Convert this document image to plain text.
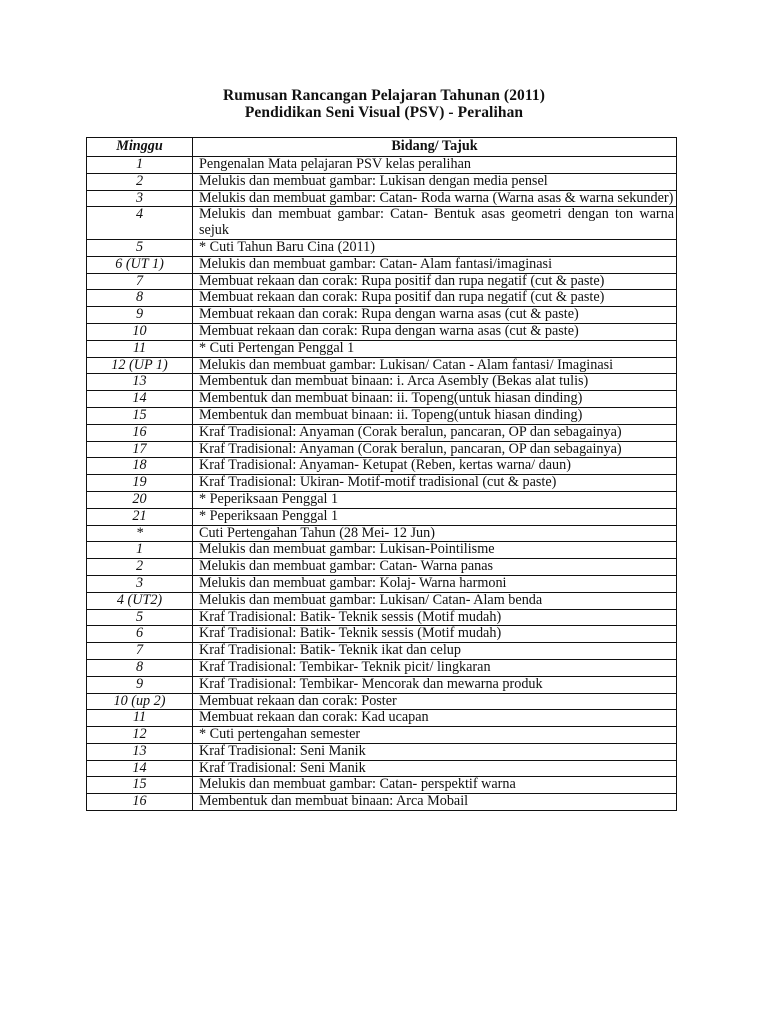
Rumusan Rancangan Pelajaran Tahunan (2011)
Pendidikan Seni Visual (PSV) - Peralihan
Minggu	Bidang/ Tajuk
1	Pengenalan Mata pelajaran PSV kelas peralihan
2	Melukis dan membuat gambar: Lukisan dengan media pensel
3	Melukis dan membuat gambar: Catan- Roda warna (Warna asas & warna sekunder)
4	Melukis dan membuat gambar: Catan- Bentuk asas geometri dengan ton warna sejuk
5	* Cuti Tahun Baru Cina (2011)
6 (UT 1)	Melukis dan membuat gambar: Catan- Alam fantasi/imaginasi
7	Membuat rekaan dan corak: Rupa positif dan rupa negatif (cut & paste)
8	Membuat rekaan dan corak: Rupa positif dan rupa negatif (cut & paste)
9	Membuat rekaan dan corak: Rupa dengan warna asas (cut & paste)
10	Membuat rekaan dan corak: Rupa dengan warna asas (cut & paste)
11	* Cuti Pertengan Penggal 1
12 (UP 1)	Melukis dan membuat gambar: Lukisan/ Catan - Alam fantasi/ Imaginasi
13	Membentuk dan membuat binaan: i. Arca Asembly (Bekas alat tulis)
14	Membentuk dan membuat binaan: ii. Topeng(untuk hiasan dinding)
15	Membentuk dan membuat binaan: ii. Topeng(untuk hiasan dinding)
16	Kraf Tradisional: Anyaman (Corak beralun, pancaran, OP dan sebagainya)
17	Kraf Tradisional: Anyaman (Corak beralun, pancaran, OP dan sebagainya)
18	Kraf Tradisional: Anyaman- Ketupat (Reben, kertas warna/ daun)
19	Kraf Tradisional: Ukiran- Motif-motif tradisional (cut & paste)
20	* Peperiksaan Penggal 1
21	* Peperiksaan Penggal 1
*	Cuti Pertengahan Tahun (28 Mei- 12 Jun)
1	Melukis dan membuat gambar: Lukisan-Pointilisme
2	Melukis dan membuat gambar: Catan- Warna panas
3	Melukis dan membuat gambar: Kolaj- Warna harmoni
4 (UT2)	Melukis dan membuat gambar: Lukisan/ Catan- Alam benda
5	Kraf Tradisional: Batik- Teknik sessis (Motif mudah)
6	Kraf Tradisional: Batik- Teknik sessis (Motif mudah)
7	Kraf Tradisional: Batik- Teknik ikat dan celup
8	Kraf Tradisional: Tembikar- Teknik picit/ lingkaran
9	Kraf Tradisional: Tembikar- Mencorak dan mewarna produk
10 (up 2)	Membuat rekaan dan corak: Poster
11	Membuat rekaan dan corak: Kad ucapan
12	* Cuti pertengahan semester
13	Kraf Tradisional: Seni Manik
14	Kraf Tradisional: Seni Manik
15	Melukis dan membuat gambar: Catan- perspektif warna
16	Membentuk dan membuat binaan: Arca Mobail
